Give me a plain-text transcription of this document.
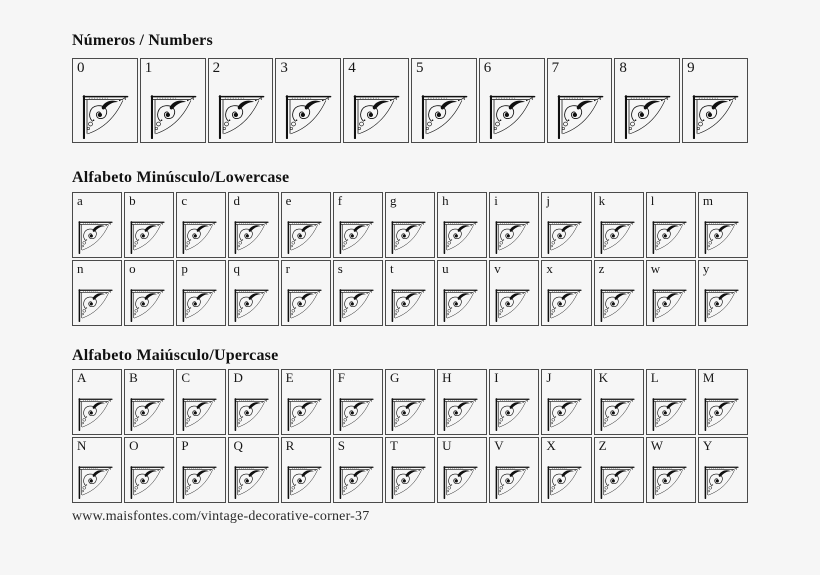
Números / Numbers
0	1	2	3	4	5	6	7	8	9
Alfabeto Minúsculo/Lowercase
a	b	c	d	e	f	g	h	i	j	k	l	m
n	o	p	q	r	s	t	u	v	x	z	w	y
Alfabeto Maiúsculo/Upercase
A	B	C	D	E	F	G	H	I	J	K	L	M
N	O	P	Q	R	S	T	U	V	X	Z	W	Y
www.maisfontes.com/vintage-decorative-corner-37
